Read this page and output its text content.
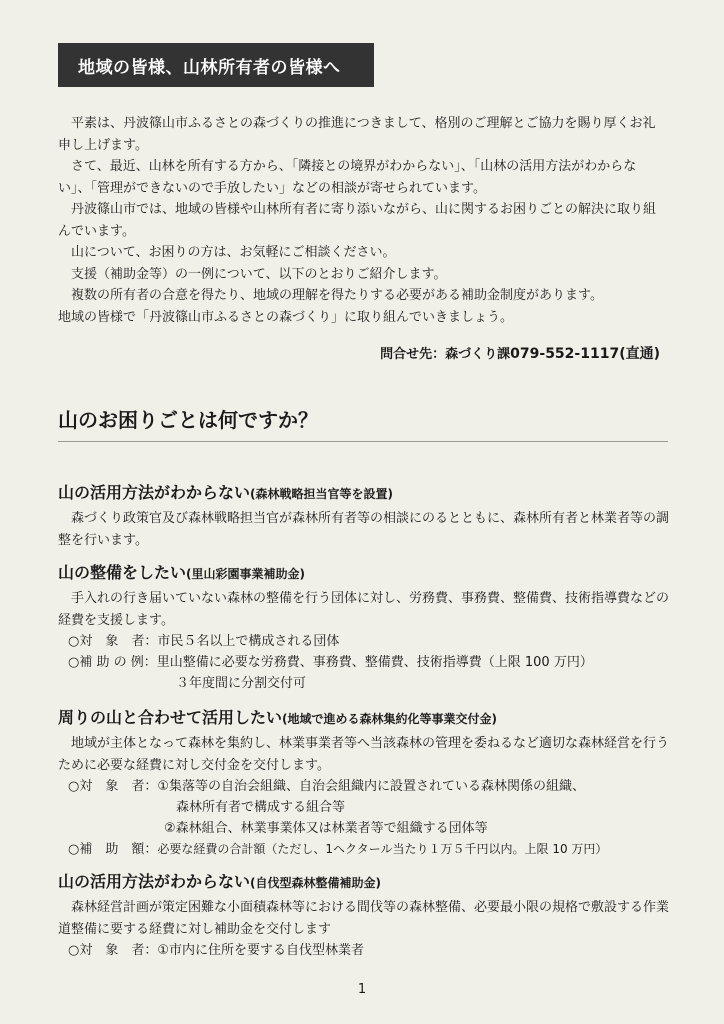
地域の皆様、山林所有者の皆様へ

平素は、丹波篠山市ふるさとの森づくりの推進につきまして、格別のご理解とご協力を賜り厚くお礼申し上げます。

さて、最近、山林を所有する方から、「隣接との境界がわからない」、「山林の活用方法がわからない」、「管理ができないので手放したい」などの相談が寄せられています。

丹波篠山市では、地域の皆様や山林所有者に寄り添いながら、山に関するお困りごとの解決に取り組んでいます。

山について、お困りの方は、お気軽にご相談ください。

支援（補助金等）の一例について、以下のとおりご紹介します。

複数の所有者の合意を得たり、地域の理解を得たりする必要がある補助金制度があります。

地域の皆様で「丹波篠山市ふるさとの森づくり」に取り組んでいきましょう。

問合せ先：森づくり課079-552-1117(直通)
山のお困りごとは何ですか？
山の活用方法がわからない(森林戦略担当官等を設置)

森づくり政策官及び森林戦略担当官が森林所有者等の相談にのるとともに、森林所有者と林業者等の調整を行います。

山の整備をしたい(里山彩園事業補助金)

手入れの行き届いていない森林の整備を行う団体に対し、労務費、事務費、整備費、技術指導費などの経費を支援します。

○対　象　者： 市民５名以上で構成される団体
○補 助 の 例： 里山整備に必要な労務費、事務費、整備費、技術指導費（上限 100 万円）
３年度間に分割交付可
周りの山と合わせて活用したい(地域で進める森林集約化等事業交付金)

地域が主体となって森林を集約し、林業事業者等へ当該森林の管理を委ねるなど適切な森林経営を行うために必要な経費に対し交付金を交付します。

○対　象　者： ①集落等の自治会組織、自治会組織内に設置されている森林関係の組織、
森林所有者で構成する組合等
②森林組合、林業事業体又は林業者等で組織する団体等
○補　助　額： 必要な経費の合計額（ただし、1ヘクタール当たり１万５千円以内。上限 10 万円）
山の活用方法がわからない(自伐型森林整備補助金)

森林経営計画が策定困難な小面積森林等における間伐等の森林整備、必要最小限の規格で敷設する作業道整備に要する経費に対し補助金を交付します

○対　象　者： ①市内に住所を要する自伐型林業者
1
